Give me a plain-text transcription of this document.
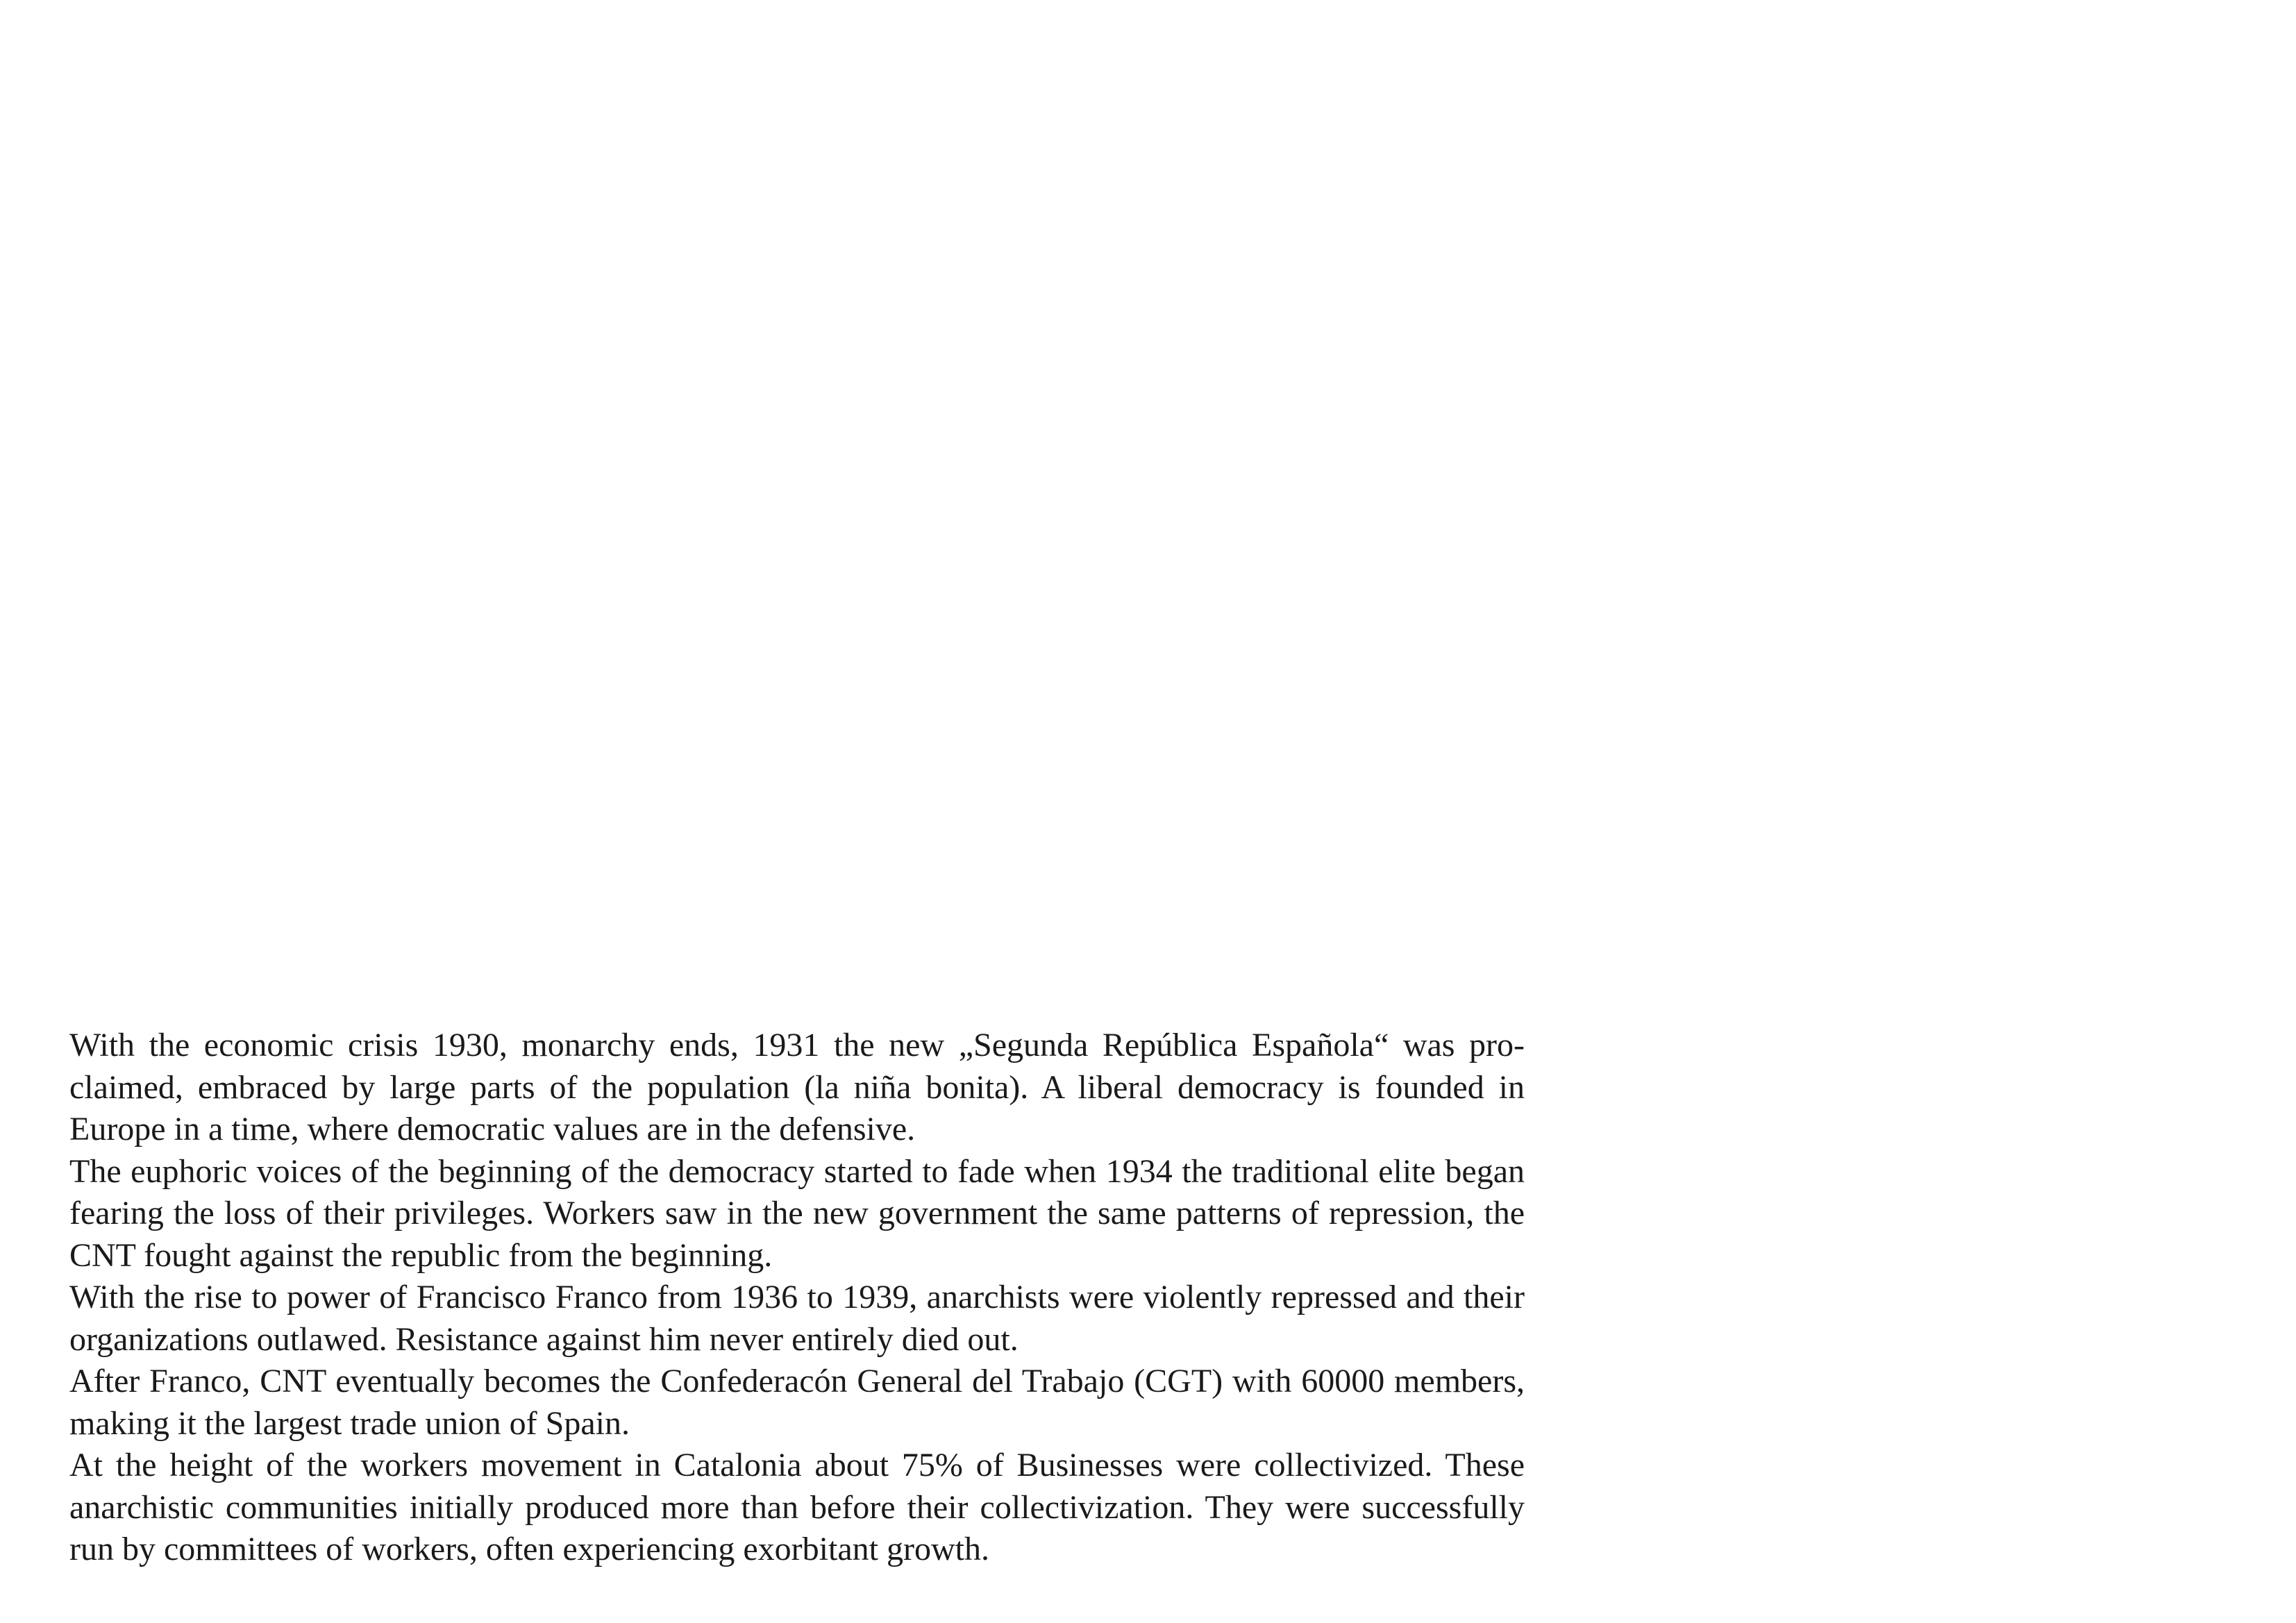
With the economic crisis 1930, monarchy ends, 1931 the new „Segunda República Española“ was proclaimed, embraced by large parts of the population (la niña bonita). A liberal democracy is founded in Europe in a time, where democratic values are in the defensive.

The euphoric voices of the beginning of the democracy started to fade when 1934 the traditional elite began fearing the loss of their privileges. Workers saw in the new government the same patterns of repression, the CNT fought against the republic from the beginning.

With the rise to power of Francisco Franco from 1936 to 1939, anarchists were violently repressed and their organizations outlawed. Resistance against him never entirely died out.

After Franco, CNT eventually becomes the Confederacón General del Trabajo (CGT) with 60000 members, making it the largest trade union of Spain.

At the height of the workers movement in Catalonia about 75% of Businesses were collectivized. These anarchistic communities initially produced more than before their collectivization. They were successfully run by committees of workers, often experiencing exorbitant growth.
